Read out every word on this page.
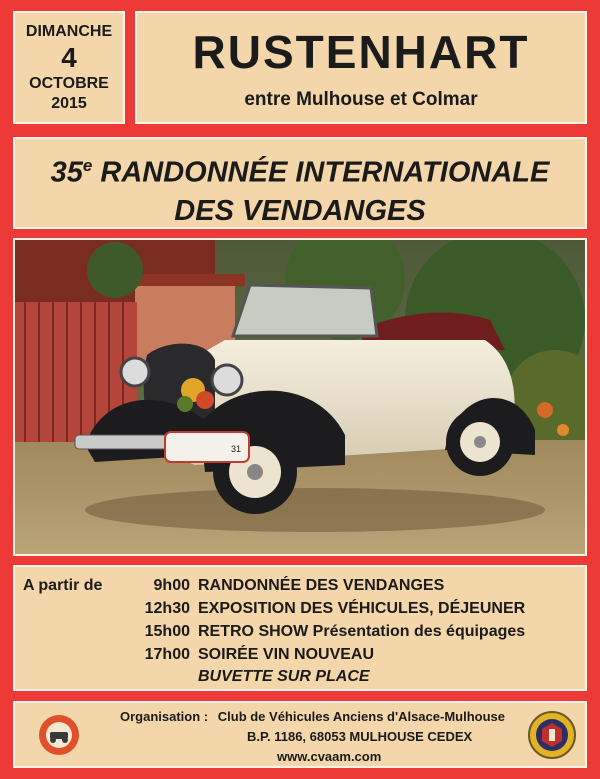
DIMANCHE
4
OCTOBRE
2015
RUSTENHART
entre Mulhouse et Colmar
35e RANDONNÉE INTERNATIONALE
DES VENDANGES
31
A partir de	9h00 RANDONNÉE DES VENDANGES
12h30 EXPOSITION DES VÉHICULES, DÉJEUNER
15h00 RETRO SHOW Présentation des équipages
17h00 SOIRÉE VIN NOUVEAU
BUVETTE SUR PLACE
Organisation : Club de Véhicules Anciens d'Alsace-Mulhouse
B.P. 1186, 68053 MULHOUSE CEDEX
www.cvaam.com
